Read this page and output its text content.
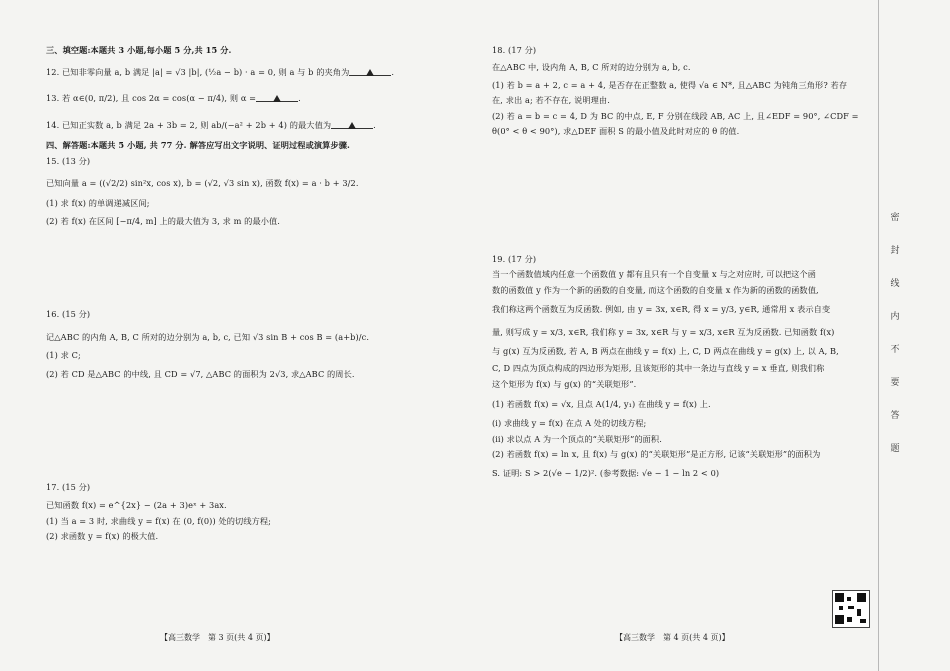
三、填空题:本题共 3 小题,每小题 5 分,共 15 分.
12. 已知非零向量 a, b 满足 |a| = √3 |b|, (½a − b) · a = 0, 则 a 与 b 的夹角为	.
13. 若 α∈(0, π/2), 且 cos 2α = cos(α − π/4), 则 α =	.
14. 已知正实数 a, b 满足 2a + 3b = 2, 则 ab/(−a² + 2b + 4) 的最大值为	.
四、解答题:本题共 5 小题, 共 77 分. 解答应写出文字说明、证明过程或演算步骤.
15. (13 分)
已知向量 a = ((√2/2) sin²x, cos x), b = (√2, √3 sin x), 函数 f(x) = a · b + 3/2.
(1) 求 f(x) 的单调递减区间;
(2) 若 f(x) 在区间 [−π/4, m] 上的最大值为 3, 求 m 的最小值.
16. (15 分)
记△ABC 的内角 A, B, C 所对的边分别为 a, b, c, 已知 √3 sin B + cos B = (a+b)/c.
(1) 求 C;
(2) 若 CD 是△ABC 的中线, 且 CD = √7, △ABC 的面积为 2√3, 求△ABC 的周长.
17. (15 分)
已知函数 f(x) = e^{2x} − (2a + 3)eˣ + 3ax.
(1) 当 a = 3 时, 求曲线 y = f(x) 在 (0, f(0)) 处的切线方程;
(2) 求函数 y = f(x) 的极大值.
18. (17 分)
在△ABC 中, 设内角 A, B, C 所对的边分别为 a, b, c.
(1) 若 b = a + 2, c = a + 4, 是否存在正整数 a, 使得 √a ∈ N*, 且△ABC 为钝角三角形? 若存
在, 求出 a; 若不存在, 说明理由.
(2) 若 a = b = c = 4, D 为 BC 的中点, E, F 分别在线段 AB, AC 上, 且∠EDF = 90°, ∠CDF =
θ(0° < θ < 90°), 求△DEF 面积 S 的最小值及此时对应的 θ 的值.
19. (17 分)
当一个函数值域内任意一个函数值 y 都有且只有一个自变量 x 与之对应时, 可以把这个函
数的函数值 y 作为一个新的函数的自变量, 而这个函数的自变量 x 作为新的函数的函数值,
我们称这两个函数互为反函数. 例如, 由 y = 3x, x∈R, 得 x = y/3, y∈R, 通常用 x 表示自变
量, 则写成 y = x/3, x∈R, 我们称 y = 3x, x∈R 与 y = x/3, x∈R 互为反函数. 已知函数 f(x)
与 g(x) 互为反函数, 若 A, B 两点在曲线 y = f(x) 上, C, D 两点在曲线 y = g(x) 上, 以 A, B,
C, D 四点为顶点构成的四边形为矩形, 且该矩形的其中一条边与直线 y = x 垂直, 则我们称
这个矩形为 f(x) 与 g(x) 的“关联矩形”.
(1) 若函数 f(x) = √x, 且点 A(1/4, y₁) 在曲线 y = f(x) 上.
(ⅰ) 求曲线 y = f(x) 在点 A 处的切线方程;
(ⅱ) 求以点 A 为一个顶点的“关联矩形”的面积.
(2) 若函数 f(x) = ln x, 且 f(x) 与 g(x) 的“关联矩形”是正方形, 记该“关联矩形”的面积为
S. 证明: S > 2(√e − 1/2)². (参考数据: √e − 1 − ln 2 < 0)
【高三数学　第 3 页(共 4 页)】	【高三数学　第 4 页(共 4 页)】
密
封
线
内
不
要
答
题
